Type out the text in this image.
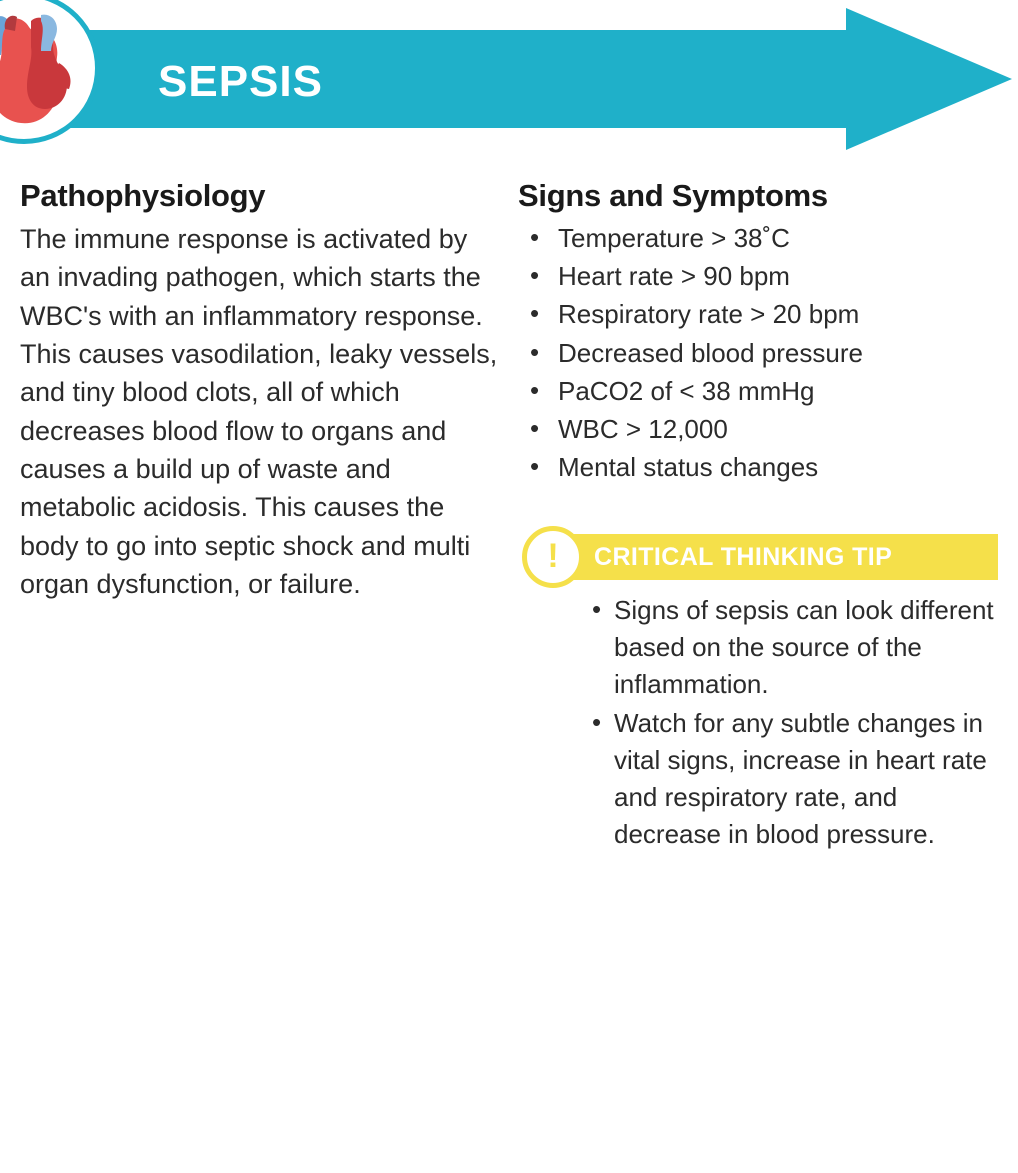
SEPSIS
Pathophysiology

The immune response is activated by an invading pathogen, which starts the WBC's with an inflammatory response. This causes vasodilation, leaky vessels, and tiny blood clots, all of which decreases blood flow to organs and causes a build up of waste and metabolic acidosis. This causes the body to go into septic shock and multi organ dysfunction, or failure.

Signs and Symptoms
• Temperature > 38˚C
• Heart rate > 90 bpm
• Respiratory rate > 20 bpm
• Decreased blood pressure
• PaCO2 of < 38 mmHg
• WBC > 12,000
• Mental status changes
! CRITICAL THINKING TIP
• Signs of sepsis can look different based on the source of the inflammation.
• Watch for any subtle changes in vital signs, increase in heart rate and respiratory rate, and decrease in blood pressure.
